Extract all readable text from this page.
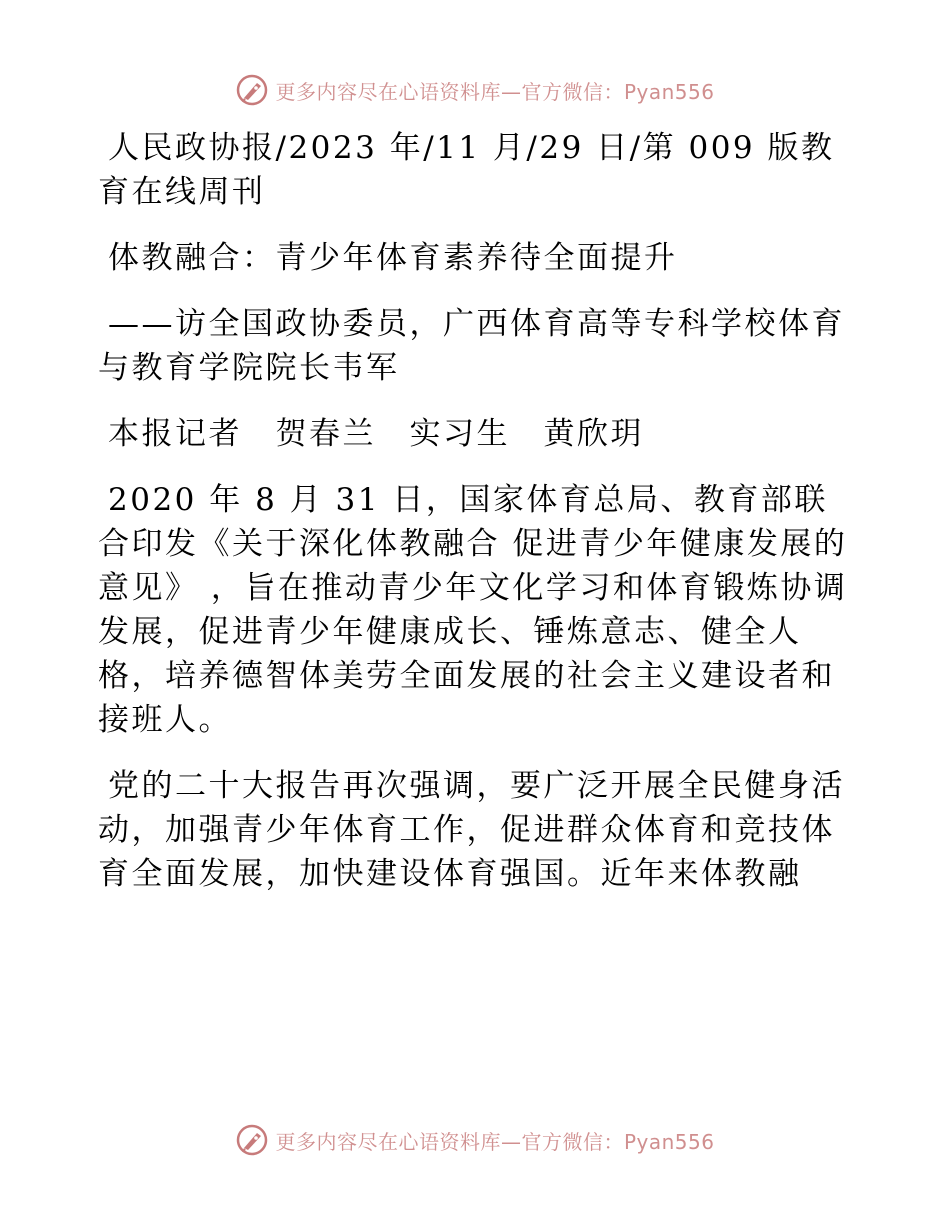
更多内容尽在心语资料库—官方微信：Pyan556

人民政协报/2023 年/11 月/29 日/第 009 版教育在线周刊

体教融合：青少年体育素养待全面提升

——访全国政协委员，广西体育高等专科学校体育与教育学院院长韦军

本报记者　贺春兰　实习生　黄欣玥

2020 年 8 月 31 日，国家体育总局、教育部联合印发《关于深化体教融合 促进青少年健康发展的意见》 ，旨在推动青少年文化学习和体育锻炼协调发展，促进青少年健康成长、锤炼意志、健全人格，培养德智体美劳全面发展的社会主义建设者和接班人。

党的二十大报告再次强调，要广泛开展全民健身活动，加强青少年体育工作，促进群众体育和竞技体育全面发展，加快建设体育强国。近年来体教融

更多内容尽在心语资料库—官方微信：Pyan556
